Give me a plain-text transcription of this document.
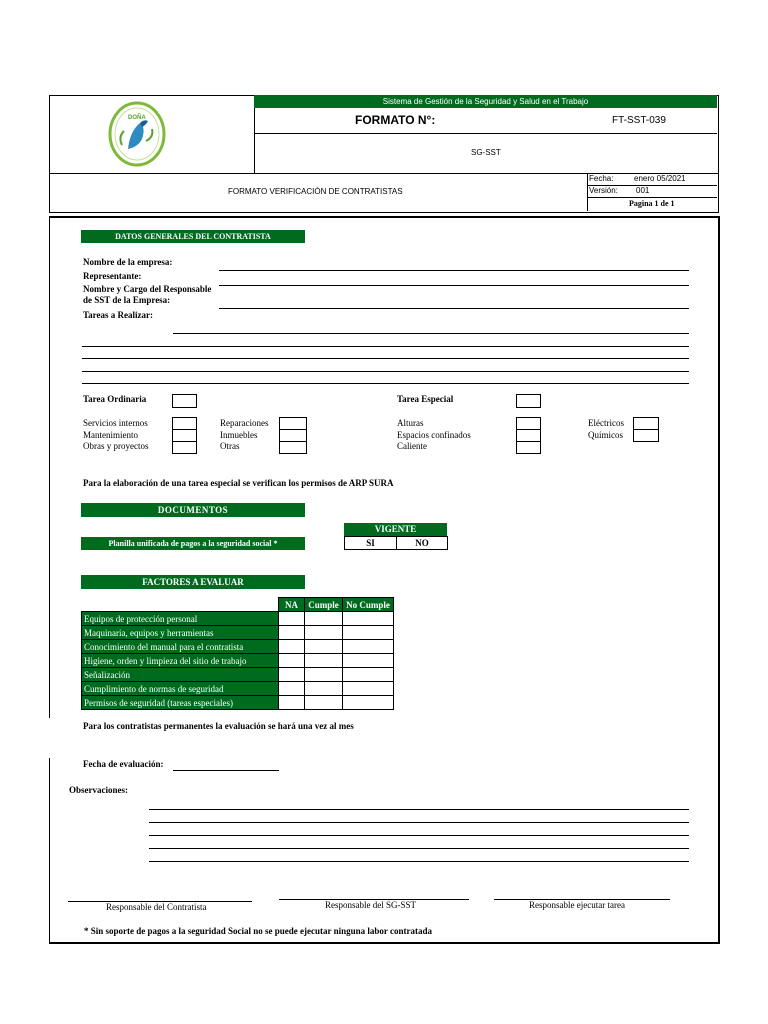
DOÑA
Sistema de Gestión de la Seguridad y Salud en el Trabajo
FORMATO N°:	FT-SST-039
SG-SST
FORMATO VERIFICACIÓN DE CONTRATISTAS
Fecha:	enero 05/2021
Versión: 001
Pagina 1 de 1
DATOS GENERALES DEL CONTRATISTA
Nombre de la empresa:
Representante:
Nombre y Cargo del Responsable
de SST de la Empresa:
Tareas a Realizar:
Tarea Ordinaria	Tarea Especial
Servicios internos
Mantenimiento
Obras y proyectos
Reparaciones
Inmuebles
Otras
Alturas
Espacios confinados
Caliente
Eléctricos
Químicos
Para la elaboración de una tarea especial se verifican los permisos de ARP SURA
DOCUMENTOS
VIGENTE
SI	NO
Planilla unificada de pagos a la seguridad social *
FACTORES A EVALUAR
	NA	Cumple	No Cumple
Equipos de protección personal			
Maquinaria, equipos y herramientas			
Conocimiento del manual para el contratista			
Higiene, orden y limpieza del sitio de trabajo			
Señalización			
Cumplimiento de normas de seguridad			
Permisos de seguridad (tareas especiales)			
Para los contratistas permanentes la evaluación se hará una vez al mes
Fecha de evaluación:
Observaciones:
Responsable del Contratista	Responsable del SG-SST	Responsable ejecutar tarea
* Sin soporte de pagos a la seguridad Social no se puede ejecutar ninguna labor contratada
